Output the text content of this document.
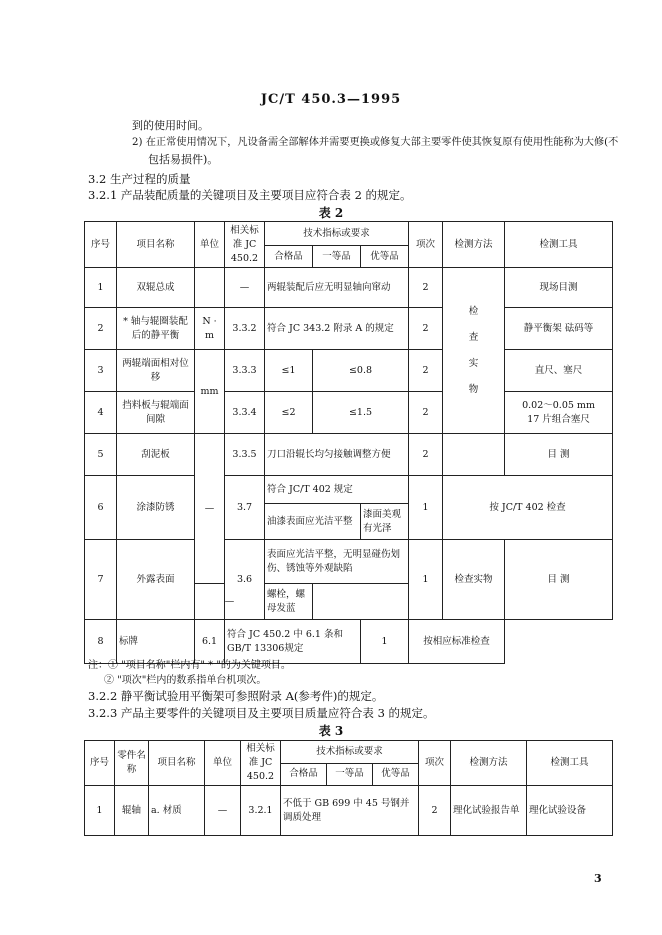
JC/T 450.3—1995
到的使用时间。
2) 在正常使用情况下，凡设备需全部解体并需要更换或修复大部主要零件使其恢复原有使用性能称为大修(不
包括易损件)。
3.2 生产过程的质量
3.2.1 产品装配质量的关键项目及主要项目应符合表 2 的规定。
表 2
序号	项目名称	单位	相关标准 JC 450.2	技术指标或要求			项次	检测方法	检测工具
				合格品	一等品	优等品			
1	双辊总成		—	两辊装配后应无明显轴向窜动			2	检 查 实 物	现场目测
2	* 轴与辊圈装配后的静平衡	N · m	3.3.2	符合 JC 343.2 附录 A 的规定			2		静平衡架 砝码等
3	两辊端面相对位移	mm	3.3.3	≤1	≤0.8		2		直尺、塞尺
4	挡料板与辊端面间隙		3.3.4	≤2	≤1.5		2		0.02～0.05 mm
17 片组合塞尺

5	刮泥板	—	3.3.5	刀口沿辊长均匀接触调整方便			2		目 测
6	涂漆防锈		3.7	符合 JC/T 402 规定			1	按 JC/T 402 检查	
				油漆表面应光洁平整		漆面美观有光泽			
7	外露表面		3.6	表面应光洁平整，无明显碰伤划伤、锈蚀等外观缺陷			1	检查实物	目 测
		—		螺栓，螺母发蓝					
8	标牌	6.1	符合 JC 450.2 中 6.1 条和 GB/T 13306规定			1	按相应标准检查		
注：① "项目名称"栏内有" * "的为关键项目。
② "项次"栏内的数系指单台机项次。
3.2.2 静平衡试验用平衡架可参照附录 A(参考件)的规定。
3.2.3 产品主要零件的关键项目及主要项目质量应符合表 3 的规定。
表 3
序号	零件名称	项目名称	单位	相关标准 JC 450.2	技术指标或要求			项次	检测方法	检测工具
					合格品	一等品	优等品			
1	辊轴	a. 材质	—	3.2.1	不低于 GB 699 中 45 号钢并调质处理			2	理化试验报告单	理化试验设备
3
